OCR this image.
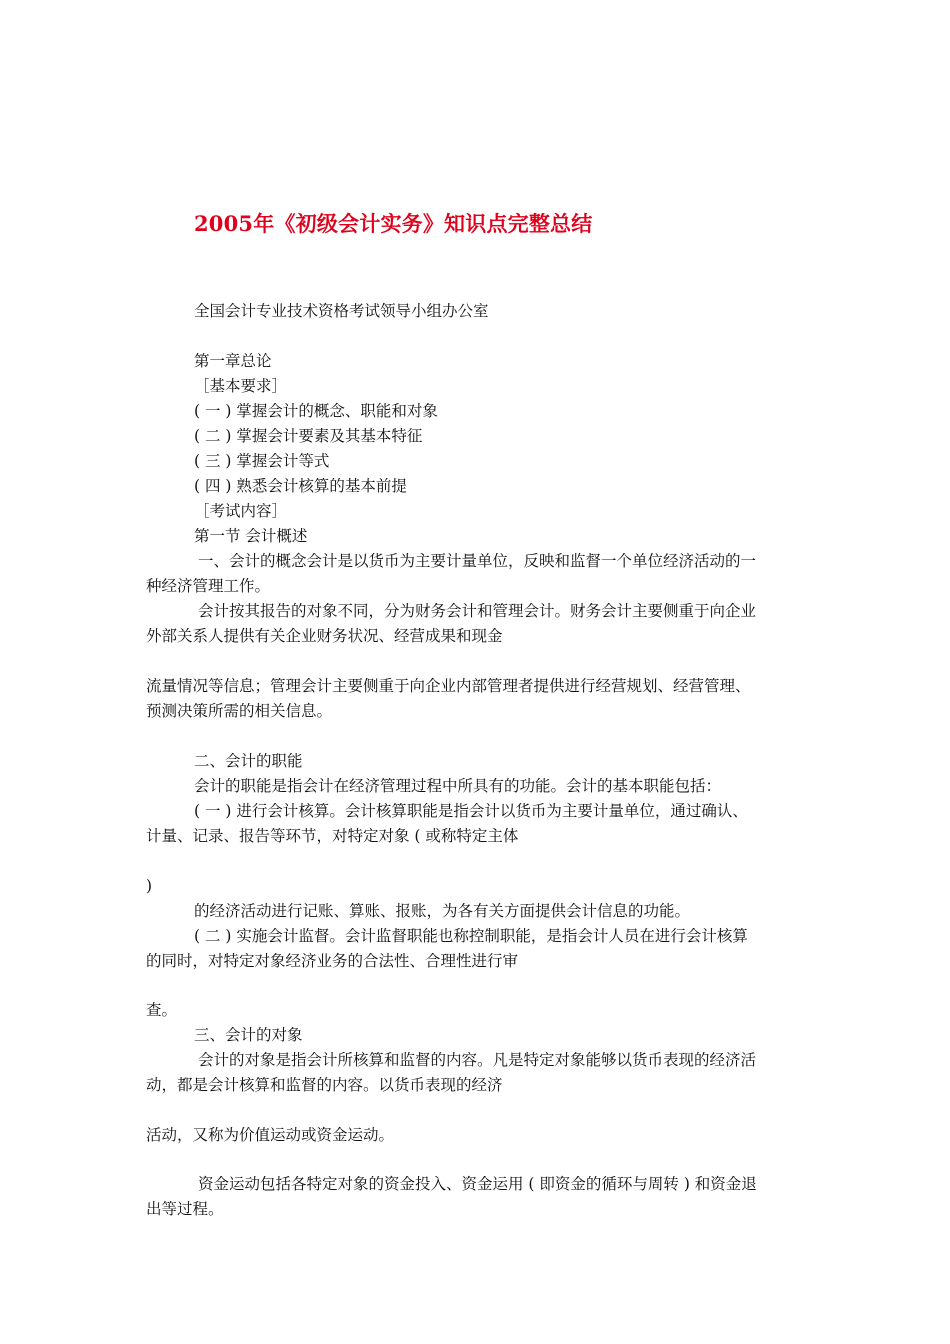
2005年《初级会计实务》知识点完整总结
全国会计专业技术资格考试领导小组办公室
第一章总论
［基本要求］
( 一 ) 掌握会计的概念、职能和对象
( 二 ) 掌握会计要素及其基本特征
( 三 ) 掌握会计等式
( 四 ) 熟悉会计核算的基本前提
［考试内容］
第一节 会计概述
一、会计的概念会计是以货币为主要计量单位，反映和监督一个单位经济活动的一
种经济管理工作。
会计按其报告的对象不同，分为财务会计和管理会计。财务会计主要侧重于向企业
外部关系人提供有关企业财务状况、经营成果和现金
流量情况等信息；管理会计主要侧重于向企业内部管理者提供进行经营规划、经营管理、
预测决策所需的相关信息。
二、会计的职能
会计的职能是指会计在经济管理过程中所具有的功能。会计的基本职能包括：
( 一 ) 进行会计核算。会计核算职能是指会计以货币为主要计量单位，通过确认、
计量、记录、报告等环节，对特定对象 ( 或称特定主体
)
的经济活动进行记账、算账、报账，为各有关方面提供会计信息的功能。
( 二 ) 实施会计监督。会计监督职能也称控制职能，是指会计人员在进行会计核算
的同时，对特定对象经济业务的合法性、合理性进行审
查。
三、会计的对象
会计的对象是指会计所核算和监督的内容。凡是特定对象能够以货币表现的经济活
动，都是会计核算和监督的内容。以货币表现的经济
活动，又称为价值运动或资金运动。
资金运动包括各特定对象的资金投入、资金运用 ( 即资金的循环与周转 ) 和资金退
出等过程。
